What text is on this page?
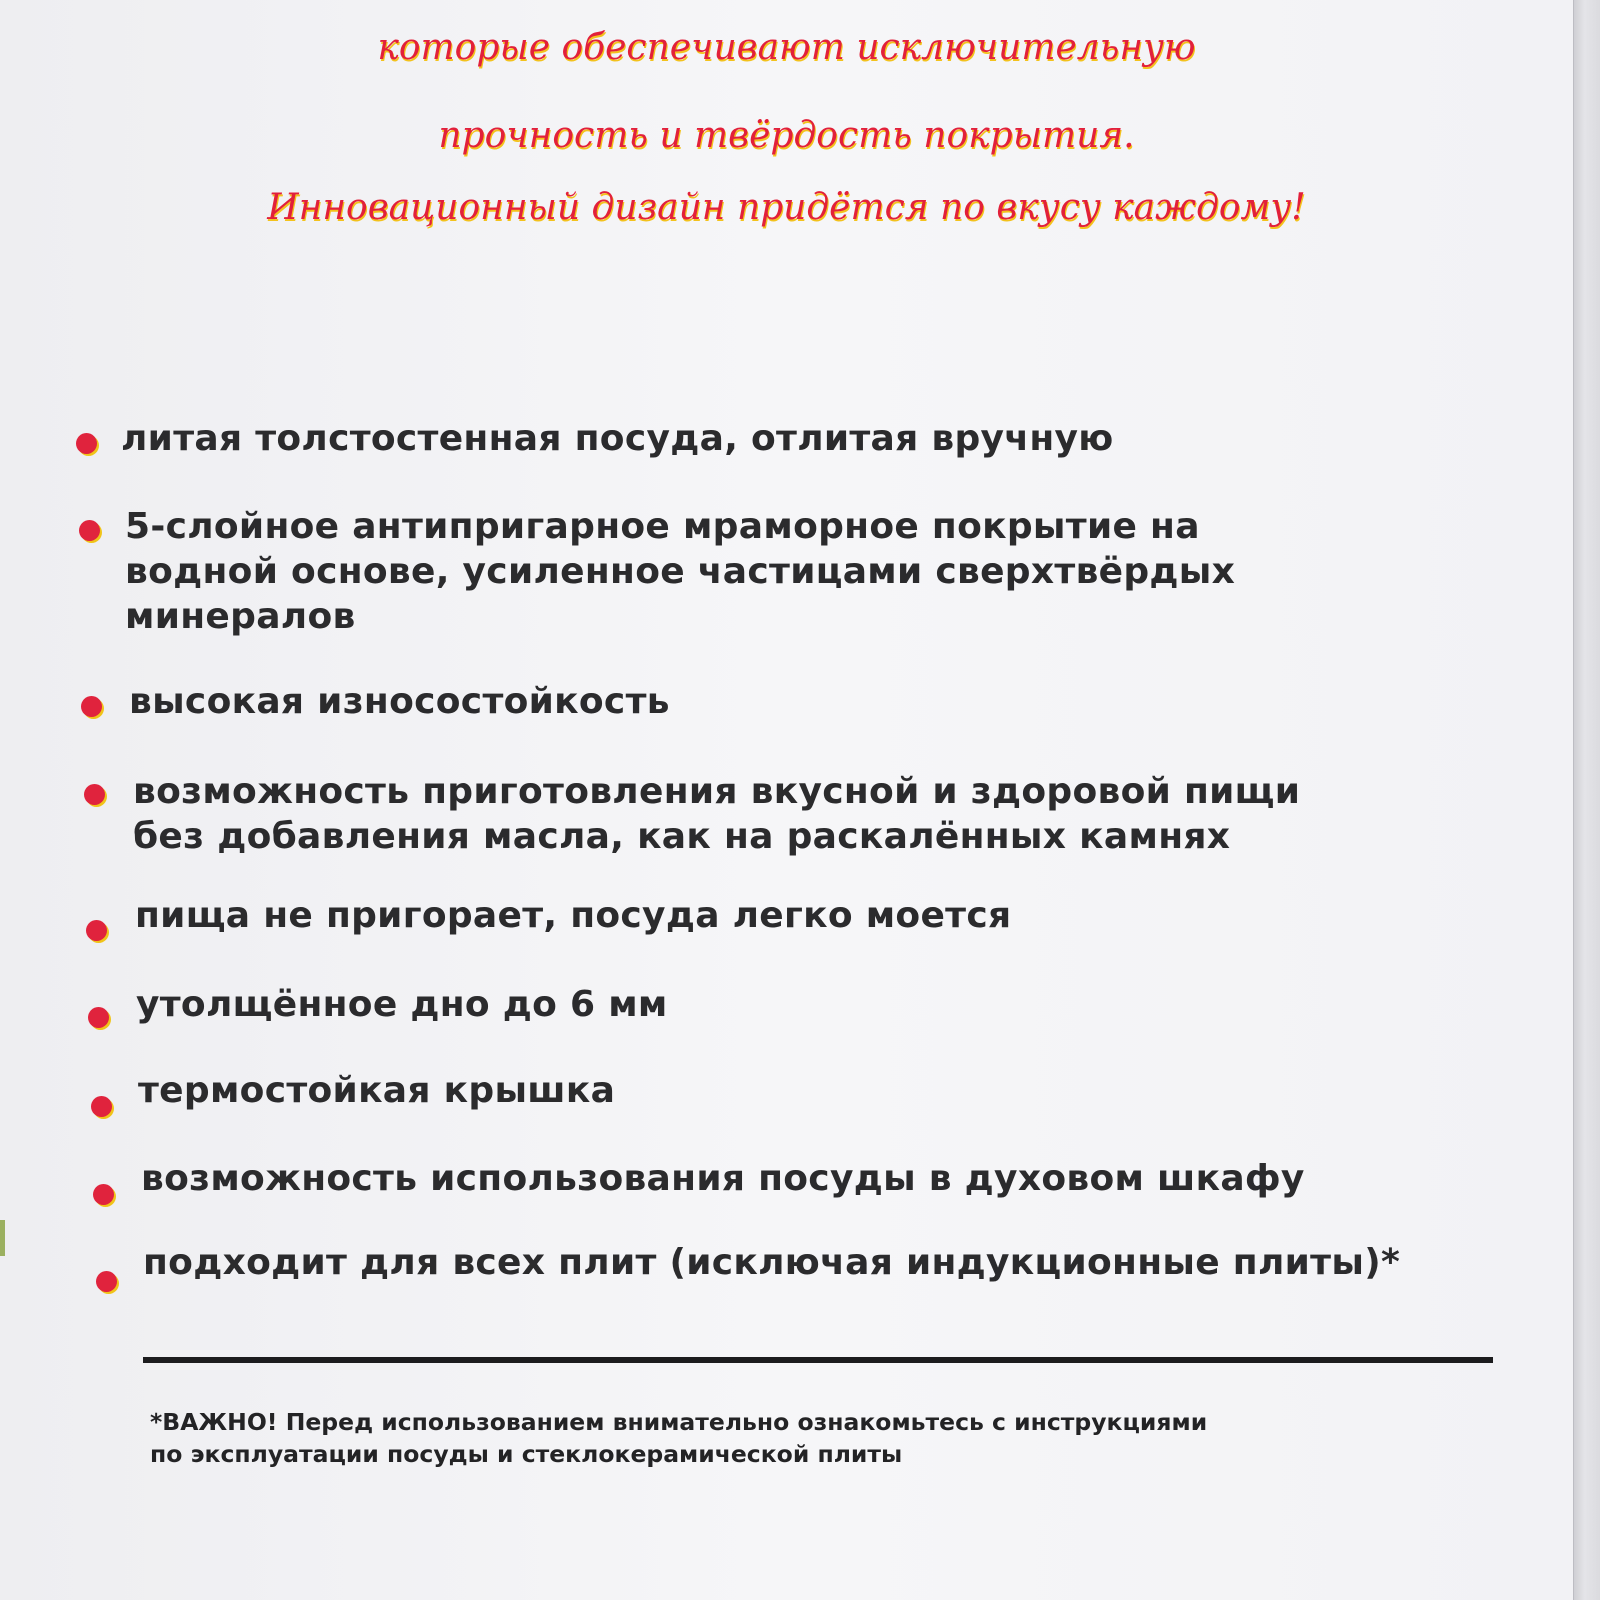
которые обеспечивают исключительную
прочность и твёрдость покрытия.
Инновационный дизайн придётся по вкусу каждому!
литая толстостенная посуда, отлитая вручную
5-слойное антипригарное мраморное покрытие на
водной основе, усиленное частицами сверхтвёрдых
минералов
высокая износостойкость
возможность приготовления вкусной и здоровой пищи
без добавления масла, как на раскалённых камнях
пища не пригорает, посуда легко моется
утолщённое дно до 6 мм
термостойкая крышка
возможность использования посуды в духовом шкафу
подходит для всех плит (исключая индукционные плиты)*
*ВАЖНО! Перед использованием внимательно ознакомьтесь с инструкциями
по эксплуатации посуды и стеклокерамической плиты
